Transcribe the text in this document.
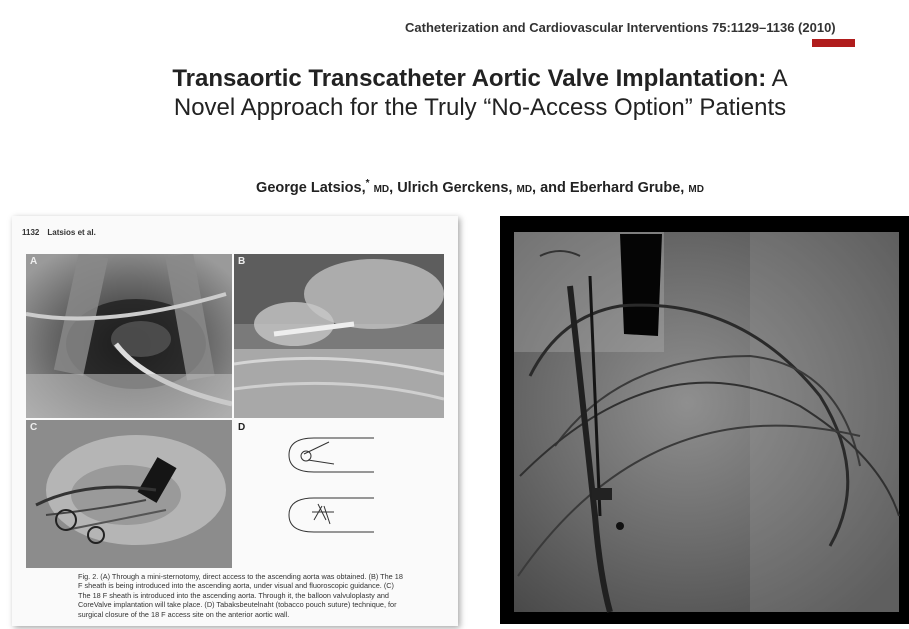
Catheterization and Cardiovascular Interventions 75:1129–1136 (2010)
Transaortic Transcatheter Aortic Valve Implantation: A Novel Approach for the Truly “No-Access Option” Patients
George Latsios,* MD, Ulrich Gerckens, MD, and Eberhard Grube, MD
1132 Latsios et al.
A	B
C	D
Fig. 2. (A) Through a mini-sternotomy, direct access to the ascending aorta was obtained. (B) The 18 F sheath is being introduced into the ascending aorta, under visual and fluoroscopic guidance. (C) The 18 F sheath is introduced into the ascending aorta. Through it, the balloon valvuloplasty and CoreValve implantation will take place. (D) Tabaksbeutelnaht (tobacco pouch suture) technique, for surgical closure of the 18 F access site on the anterior aortic wall.
